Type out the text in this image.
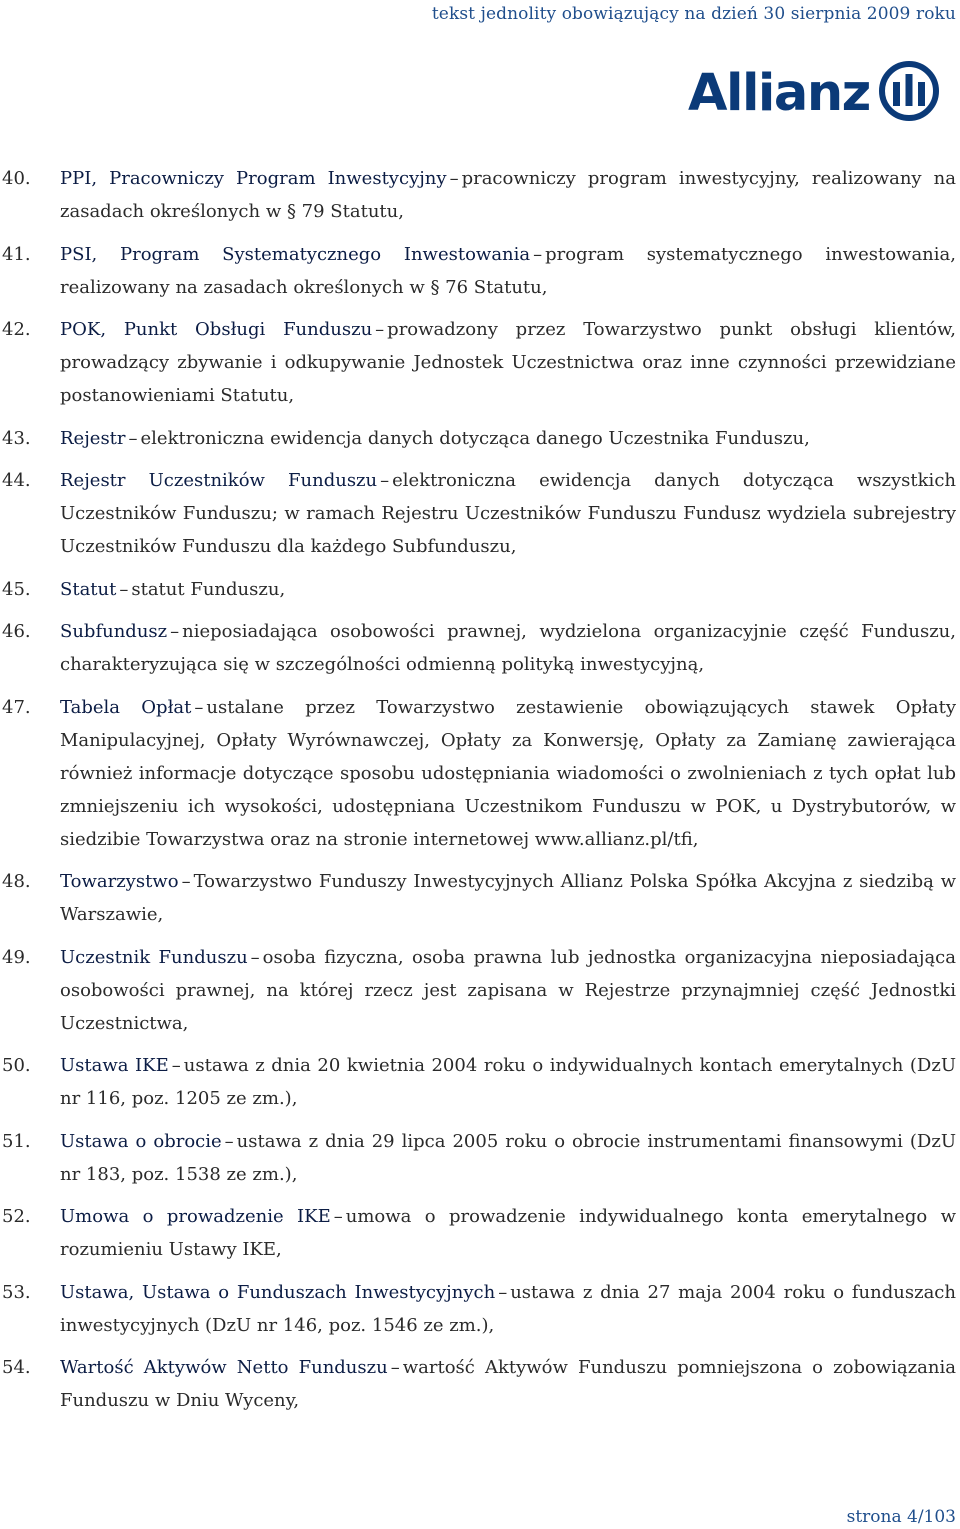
tekst jednolity obowiązujący na dzień 30 sierpnia 2009 roku
Allianz
40.	PPI, Pracowniczy Program Inwestycyjny – pracowniczy program inwestycyjny, realizowany na zasadach określonych w § 79 Statutu,
41.	PSI, Program Systematycznego Inwestowania – program systematycznego inwestowania, realizowany na zasadach określonych w § 76 Statutu,
42.	POK, Punkt Obsługi Funduszu – prowadzony przez Towarzystwo punkt obsługi klientów, prowadzący zbywanie i odkupywanie Jednostek Uczestnictwa oraz inne czynności przewidziane postanowieniami Statutu,
43.	Rejestr – elektroniczna ewidencja danych dotycząca danego Uczestnika Funduszu,
44.	Rejestr Uczestników Funduszu – elektroniczna ewidencja danych dotycząca wszystkich Uczestników Funduszu; w ramach Rejestru Uczestników Funduszu Fundusz wydziela subrejestry Uczestników Funduszu dla każdego Subfunduszu,
45.	Statut – statut Funduszu,
46.	Subfundusz – nieposiadająca osobowości prawnej, wydzielona organizacyjnie część Funduszu, charakteryzująca się w szczególności odmienną polityką inwestycyjną,
47.	Tabela Opłat – ustalane przez Towarzystwo zestawienie obowiązujących stawek Opłaty Manipulacyjnej, Opłaty Wyrównawczej, Opłaty za Konwersję, Opłaty za Zamianę zawierająca również informacje dotyczące sposobu udostępniania wiadomości o zwolnieniach z tych opłat lub zmniejszeniu ich wysokości, udostępniana Uczestnikom Funduszu w POK, u Dystrybutorów, w siedzibie Towarzystwa oraz na stronie internetowej www.allianz.pl/tfi,
48.	Towarzystwo – Towarzystwo Funduszy Inwestycyjnych Allianz Polska Spółka Akcyjna z siedzibą w Warszawie,
49.	Uczestnik Funduszu – osoba fizyczna, osoba prawna lub jednostka organizacyjna nieposiadająca osobowości prawnej, na której rzecz jest zapisana w Rejestrze przynajmniej część Jednostki Uczestnictwa,
50.	Ustawa IKE – ustawa z dnia 20 kwietnia 2004 roku o indywidualnych kontach emerytalnych (DzU nr 116, poz. 1205 ze zm.),
51.	Ustawa o obrocie – ustawa z dnia 29 lipca 2005 roku o obrocie instrumentami finansowymi (DzU nr 183, poz. 1538 ze zm.),
52.	Umowa o prowadzenie IKE – umowa o prowadzenie indywidualnego konta emerytalnego w rozumieniu Ustawy IKE,
53.	Ustawa, Ustawa o Funduszach Inwestycyjnych – ustawa z dnia 27 maja 2004 roku o funduszach inwestycyjnych (DzU nr 146, poz. 1546 ze zm.),
54.	Wartość Aktywów Netto Funduszu – wartość Aktywów Funduszu pomniejszona o zobowiązania Funduszu w Dniu Wyceny,
strona 4/103
